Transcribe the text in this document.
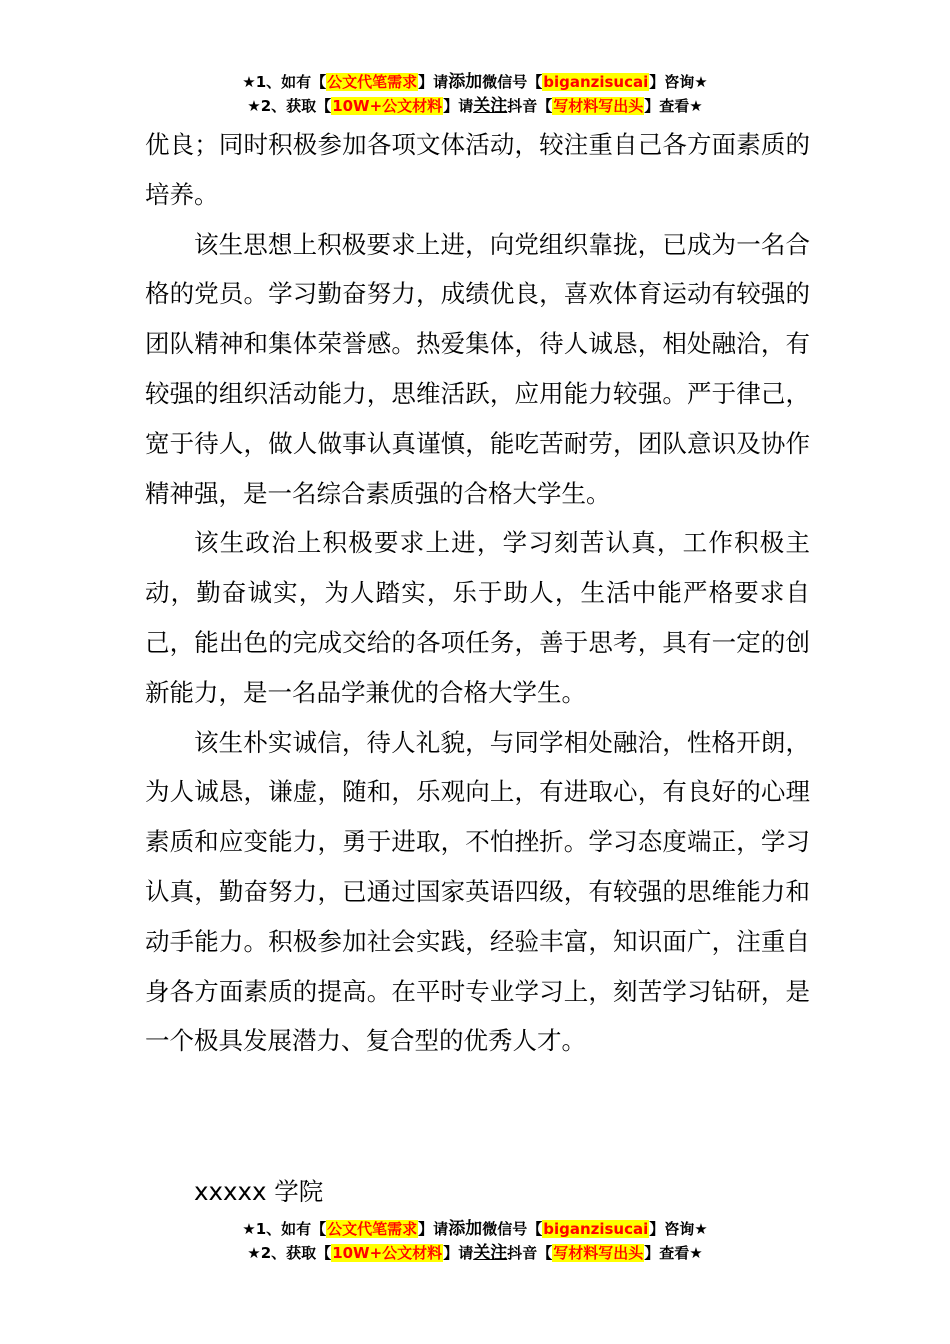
★1、如有【公文代笔需求】请添加微信号【biganzisucai】咨询★
★2、获取【10W+公文材料】请关注抖音【写材料写出头】查看★

优良；同时积极参加各项文体活动，较注重自己各方面素质的培养。

该生思想上积极要求上进，向党组织靠拢，已成为一名合格的党员。学习勤奋努力，成绩优良，喜欢体育运动有较强的团队精神和集体荣誉感。热爱集体，待人诚恳，相处融洽，有较强的组织活动能力，思维活跃，应用能力较强。严于律己，宽于待人，做人做事认真谨慎，能吃苦耐劳，团队意识及协作精神强，是一名综合素质强的合格大学生。

该生政治上积极要求上进，学习刻苦认真，工作积极主动，勤奋诚实，为人踏实，乐于助人，生活中能严格要求自己，能出色的完成交给的各项任务，善于思考，具有一定的创新能力，是一名品学兼优的合格大学生。

该生朴实诚信，待人礼貌，与同学相处融洽，性格开朗，为人诚恳，谦虚，随和，乐观向上，有进取心，有良好的心理素质和应变能力，勇于进取，不怕挫折。学习态度端正，学习认真，勤奋努力，已通过国家英语四级，有较强的思维能力和动手能力。积极参加社会实践，经验丰富，知识面广，注重自身各方面素质的提高。在平时专业学习上，刻苦学习钻研，是一个极具发展潜力、复合型的优秀人才。

xxxxx 学院
★1、如有【公文代笔需求】请添加微信号【biganzisucai】咨询★
★2、获取【10W+公文材料】请关注抖音【写材料写出头】查看★
